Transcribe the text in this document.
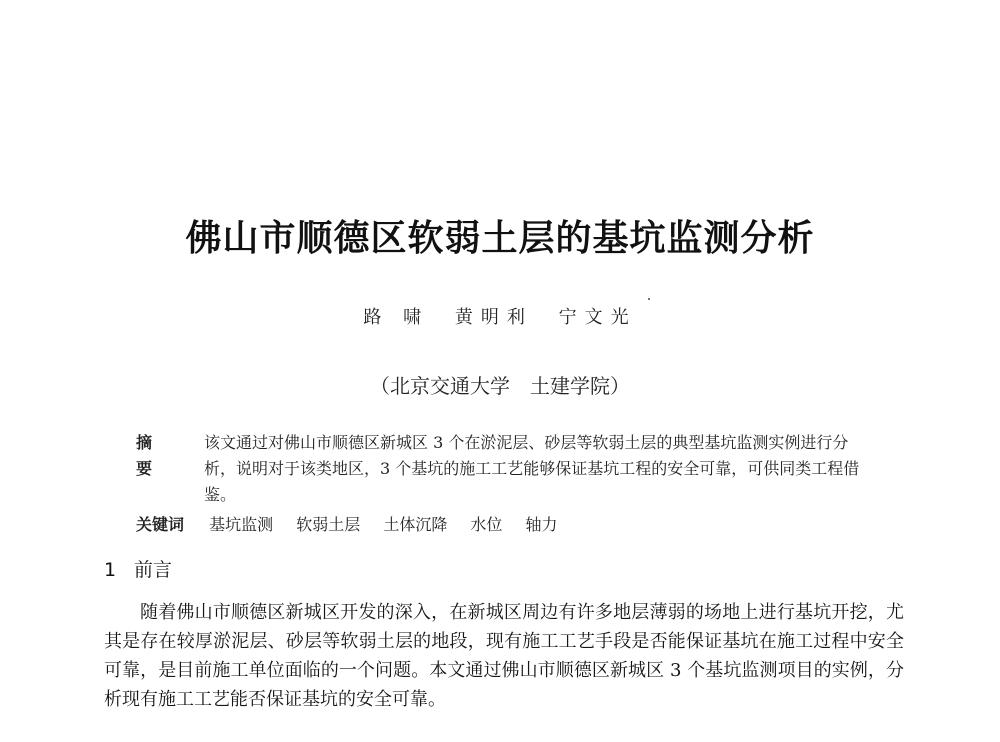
佛山市顺德区软弱土层的基坑监测分析
路 啸 黄明利 宁文光
（北京交通大学　土建学院）
摘 要
该文通过对佛山市顺德区新城区 3 个在淤泥层、砂层等软弱土层的典型基坑监测实例进行分析，说明对于该类地区，3 个基坑的施工工艺能够保证基坑工程的安全可靠，可供同类工程借鉴。
关键词 基坑监测 软弱土层 土体沉降 水位 轴力
1 前言
随着佛山市顺德区新城区开发的深入，在新城区周边有许多地层薄弱的场地上进行基坑开挖，尤其是存在较厚淤泥层、砂层等软弱土层的地段，现有施工工艺手段是否能保证基坑在施工过程中安全可靠，是目前施工单位面临的一个问题。本文通过佛山市顺德区新城区 3 个基坑监测项目的实例，分析现有施工工艺能否保证基坑的安全可靠。
